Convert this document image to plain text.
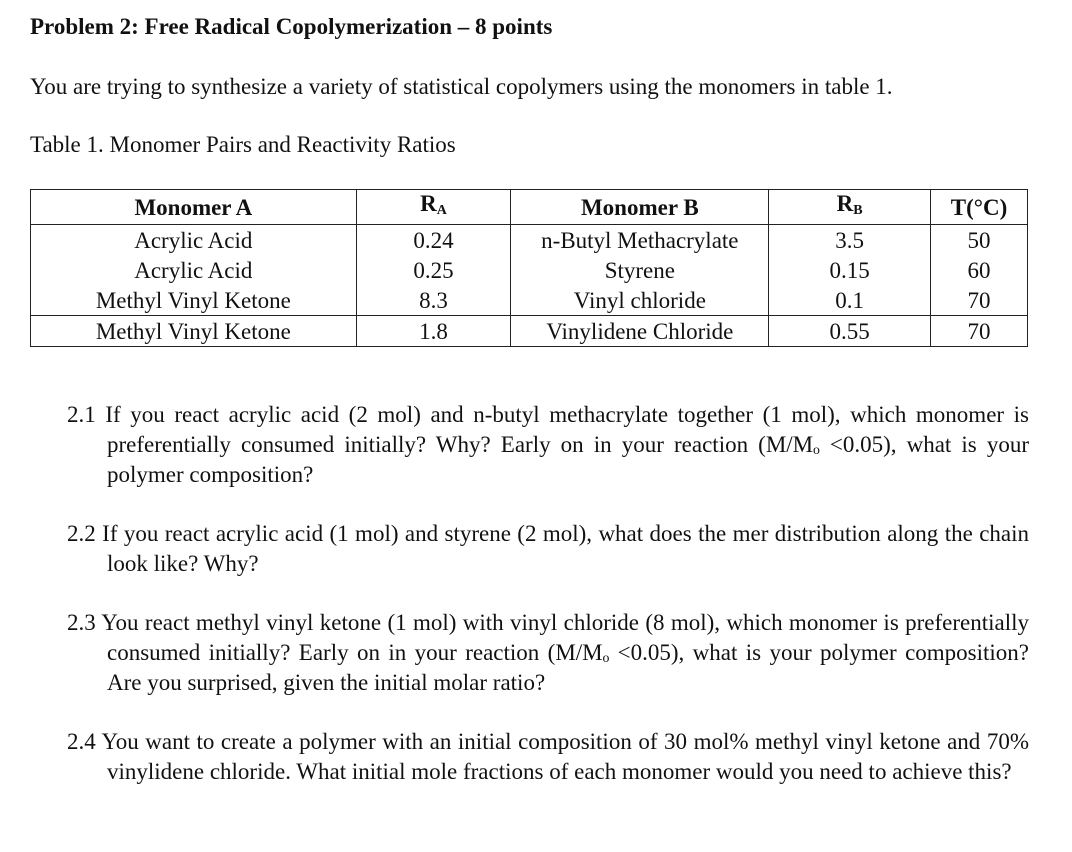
Problem 2: Free Radical Copolymerization – 8 points
You are trying to synthesize a variety of statistical copolymers using the monomers in table 1.
Table 1. Monomer Pairs and Reactivity Ratios
Monomer A	$R_A$	Monomer B	$R_B$	T(°C)
Acrylic Acid	0.24	n-Butyl Methacrylate	3.5	50
Acrylic Acid	0.25	Styrene	0.15	60
Methyl Vinyl Ketone	8.3	Vinyl chloride	0.1	70
Methyl Vinyl Ketone	1.8	Vinylidene Chloride	0.55	70
2.1 If you react acrylic acid (2 mol) and n-butyl methacrylate together (1 mol), which monomer is preferentially consumed initially? Why? Early on in your reaction (M/Mₒ <0.05), what is your polymer composition?
2.2 If you react acrylic acid (1 mol) and styrene (2 mol), what does the mer distribution along the chain look like? Why?
2.3 You react methyl vinyl ketone (1 mol) with vinyl chloride (8 mol), which monomer is preferentially consumed initially? Early on in your reaction (M/Mₒ <0.05), what is your polymer composition? Are you surprised, given the initial molar ratio?
2.4 You want to create a polymer with an initial composition of 30 mol% methyl vinyl ketone and 70% vinylidene chloride. What initial mole fractions of each monomer would you need to achieve this?
